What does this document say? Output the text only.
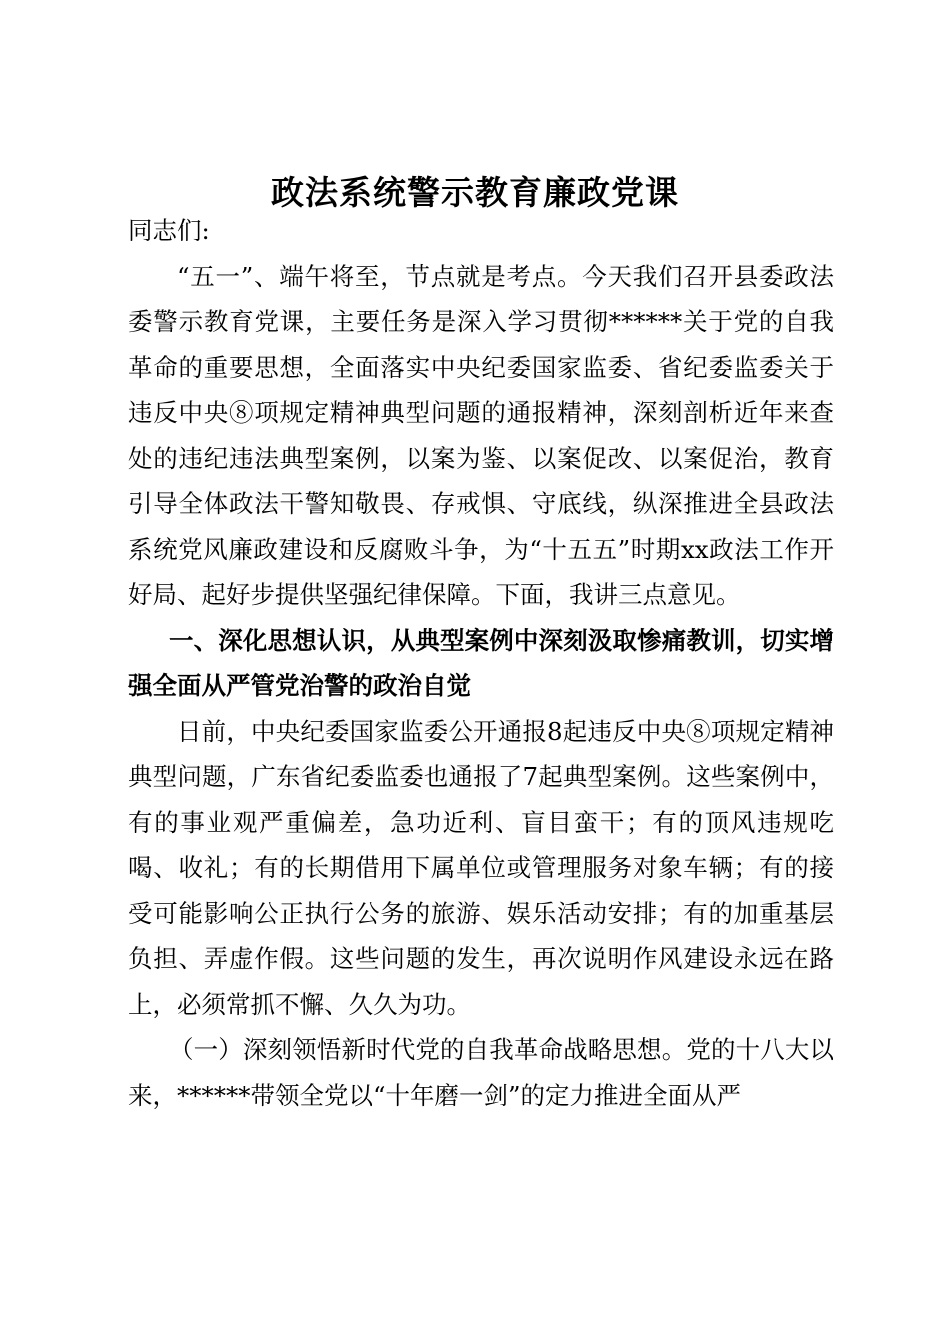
政法系统警示教育廉政党课

同志们:

“五一”、端午将至，节点就是考点。今天我们召开县委政法委警示教育党课，主要任务是深入学习贯彻******关于党的自我革命的重要思想，全面落实中央纪委国家监委、省纪委监委关于违反中央⑧项规定精神典型问题的通报精神，深刻剖析近年来查处的违纪违法典型案例，以案为鉴、以案促改、以案促治，教育引导全体政法干警知敬畏、存戒惧、守底线，纵深推进全县政法系统党风廉政建设和反腐败斗争，为“十五五”时期xx政法工作开好局、起好步提供坚强纪律保障。下面，我讲三点意见。

一、深化思想认识，从典型案例中深刻汲取惨痛教训，切实增强全面从严管党治警的政治自觉

日前，中央纪委国家监委公开通报8起违反中央⑧项规定精神典型问题，广东省纪委监委也通报了7起典型案例。这些案例中，有的事业观严重偏差，急功近利、盲目蛮干；有的顶风违规吃喝、收礼；有的长期借用下属单位或管理服务对象车辆；有的接受可能影响公正执行公务的旅游、娱乐活动安排；有的加重基层负担、弄虚作假。这些问题的发生，再次说明作风建设永远在路上，必须常抓不懈、久久为功。

（一）深刻领悟新时代党的自我革命战略思想。党的十八大以来，******带领全党以“十年磨一剑”的定力推进全面从严
